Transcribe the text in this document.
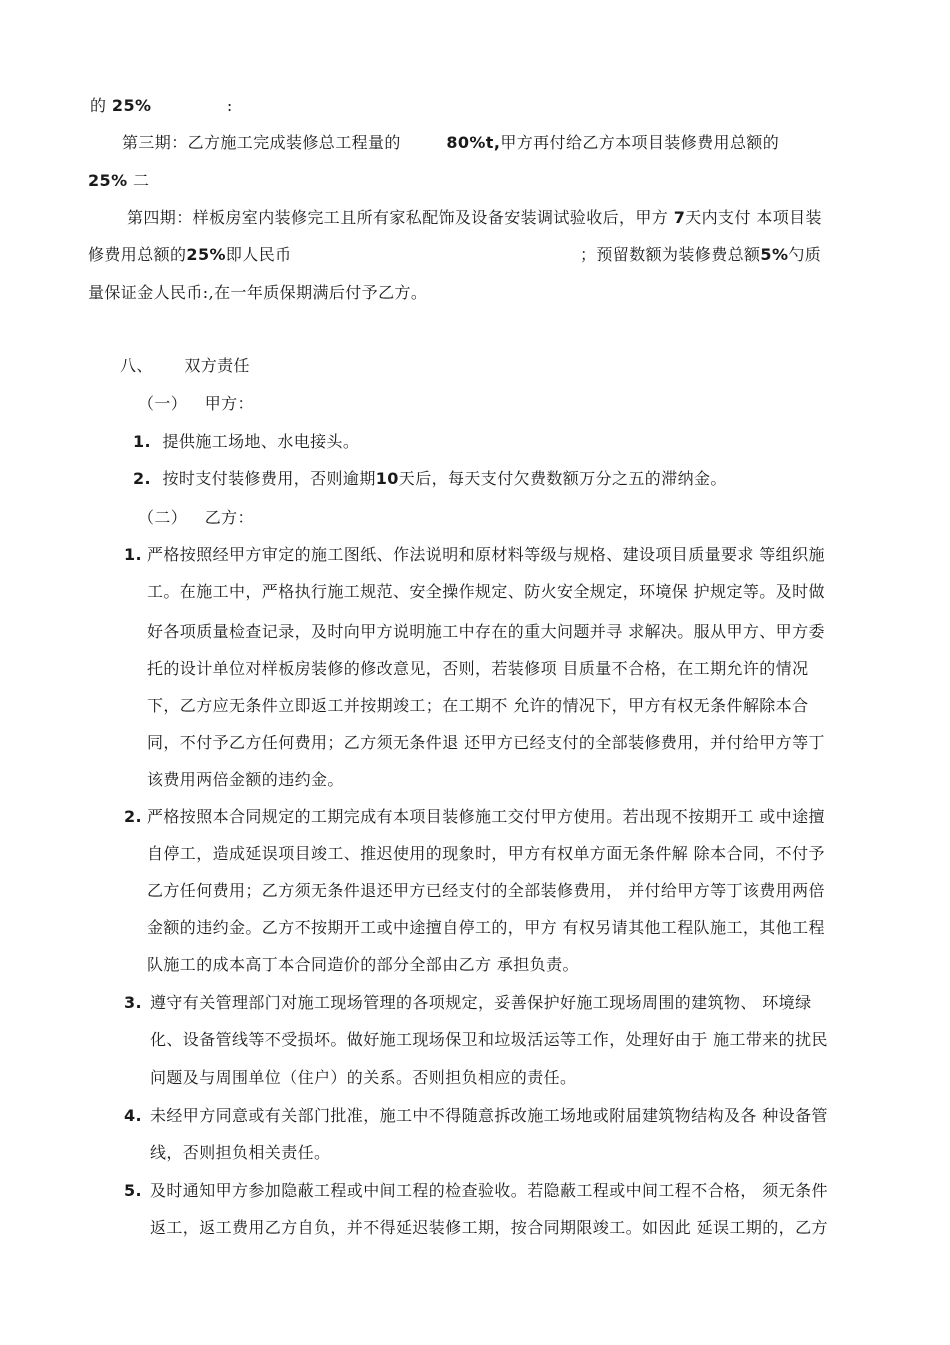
的 25%	:
第三期：乙方施工完成装修总工程量的	80%t,甲方再付给乙方本项目装修费用总额的
25% 二
第四期：样板房室内装修完工且所有家私配饰及设备安装调试验收后，甲方 7天内支付 本项目装
修费用总额的25%即人民币	；预留数额为装修费总额5%勺质
量保证金人民币:,在一年质保期满后付予乙方。
八、 双方责任
（一） 甲方：
1. 提供施工场地、水电接头。
2. 按时支付装修费用，否则逾期10天后，每天支付欠费数额万分之五的滞纳金。
（二） 乙方：
1. 严格按照经甲方审定的施工图纸、作法说明和原材料等级与规格、建设项目质量要求 等组织施
工。在施工中，严格执行施工规范、安全操作规定、防火安全规定，环境保 护规定等。及时做
好各项质量检查记录，及时向甲方说明施工中存在的重大问题并寻 求解决。服从甲方、甲方委
托的设计单位对样板房装修的修改意见，否则，若装修项 目质量不合格，在工期允许的情况
下，乙方应无条件立即返工并按期竣工；在工期不 允许的情况下，甲方有权无条件解除本合
同，不付予乙方任何费用；乙方须无条件退 还甲方已经支付的全部装修费用，并付给甲方等丁
该费用两倍金额的违约金。
2. 严格按照本合同规定的工期完成有本项目装修施工交付甲方使用。若出现不按期开工 或中途擅
自停工，造成延误项目竣工、推迟使用的现象时，甲方有权单方面无条件解 除本合同，不付予
乙方任何费用；乙方须无条件退还甲方已经支付的全部装修费用， 并付给甲方等丁该费用两倍
金额的违约金。乙方不按期开工或中途擅自停工的，甲方 有权另请其他工程队施工，其他工程
队施工的成本高丁本合同造价的部分全部由乙方 承担负责。
3. 遵守有关管理部门对施工现场管理的各项规定，妥善保护好施工现场周围的建筑物、 环境绿
化、设备管线等不受损坏。做好施工现场保卫和垃圾活运等工作，处理好由于 施工带来的扰民
问题及与周围单位（住户）的关系。否则担负相应的责任。
4. 未经甲方同意或有关部门批准，施工中不得随意拆改施工场地或附届建筑物结构及各 种设备管
线，否则担负相关责任。
5. 及时通知甲方参加隐蔽工程或中间工程的检查验收。若隐蔽工程或中间工程不合格， 须无条件
返工，返工费用乙方自负，并不得延迟装修工期，按合同期限竣工。如因此 延误工期的，乙方
